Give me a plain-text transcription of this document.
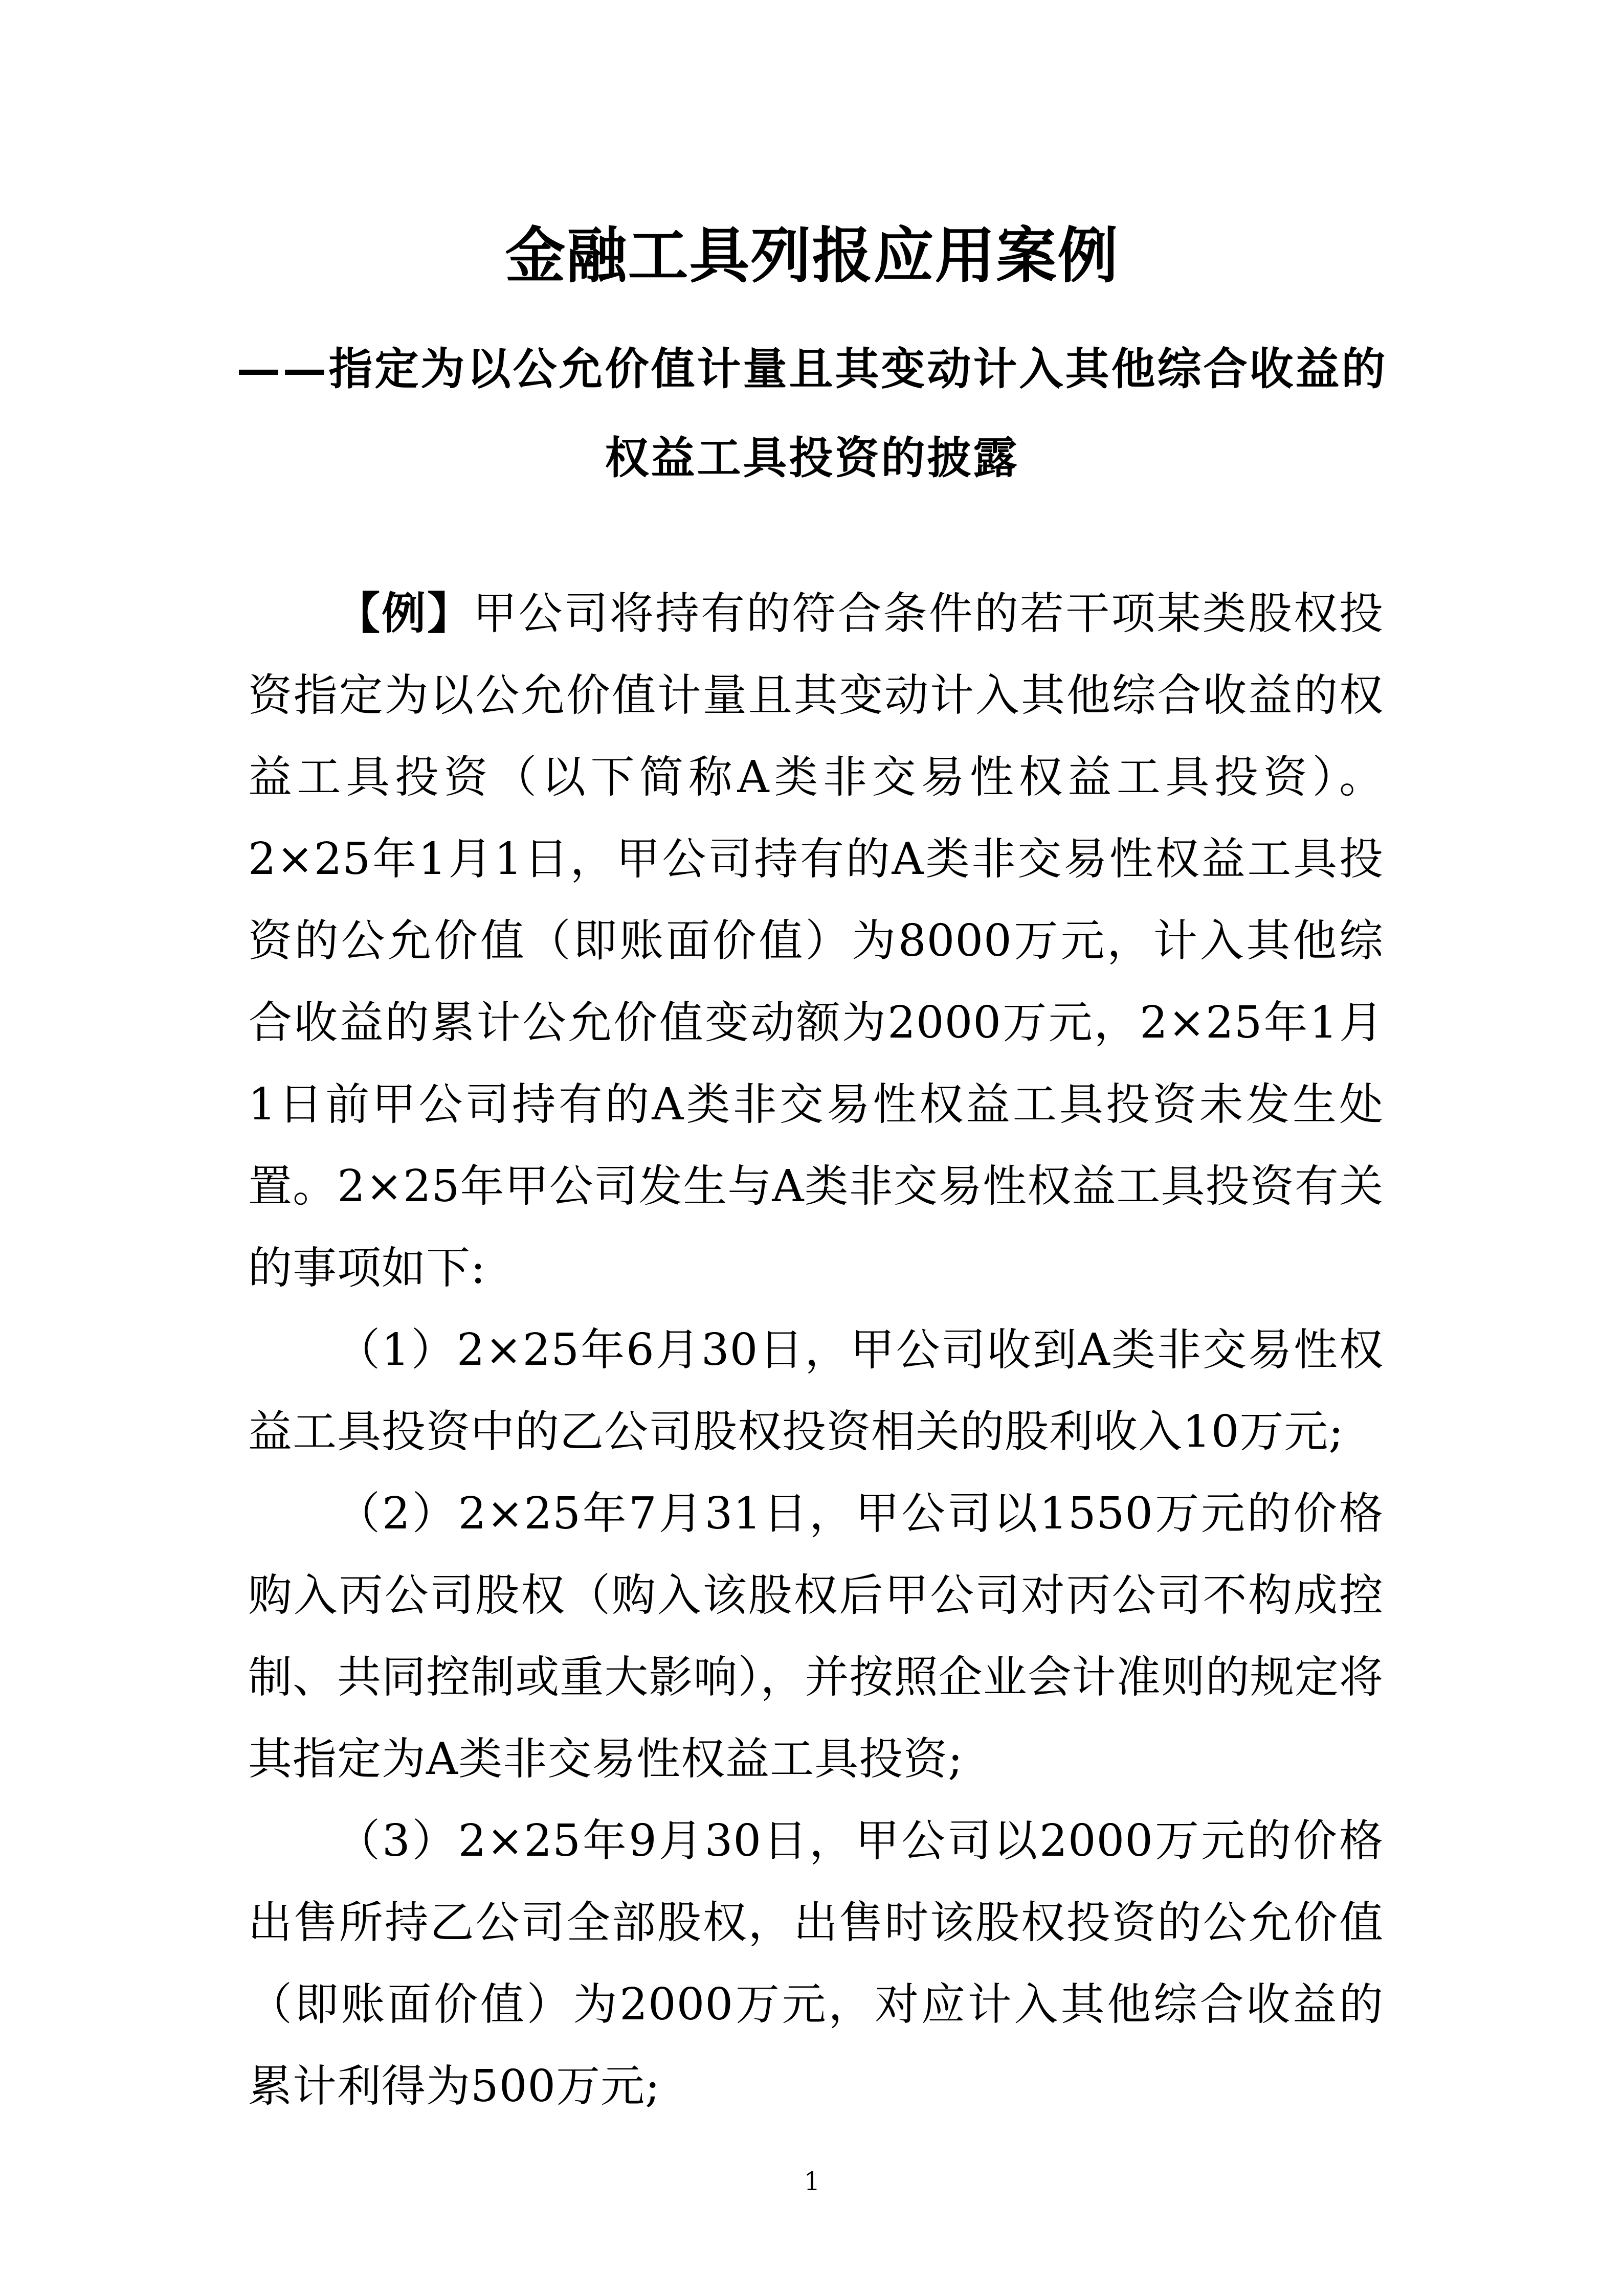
金融工具列报应用案例
——指定为以公允价值计量且其变动计入其他综合收益的
权益工具投资的披露

【例】甲公司将持有的符合条件的若干项某类股权投资指定为以公允价值计量且其变动计入其他综合收益的权益工具投资（以下简称A类非交易性权益工具投资）。2×25年1月1日，甲公司持有的A类非交易性权益工具投资的公允价值（即账面价值）为8000万元，计入其他综合收益的累计公允价值变动额为2000万元，2×25年1月1日前甲公司持有的A类非交易性权益工具投资未发生处置。2×25年甲公司发生与A类非交易性权益工具投资有关的事项如下:

（1）2×25年6月30日，甲公司收到A类非交易性权益工具投资中的乙公司股权投资相关的股利收入10万元;

（2）2×25年7月31日，甲公司以1550万元的价格购入丙公司股权（购入该股权后甲公司对丙公司不构成控制、共同控制或重大影响），并按照企业会计准则的规定将其指定为A类非交易性权益工具投资;

（3）2×25年9月30日，甲公司以2000万元的价格出售所持乙公司全部股权，出售时该股权投资的公允价值（即账面价值）为2000万元，对应计入其他综合收益的累计利得为500万元;

1
